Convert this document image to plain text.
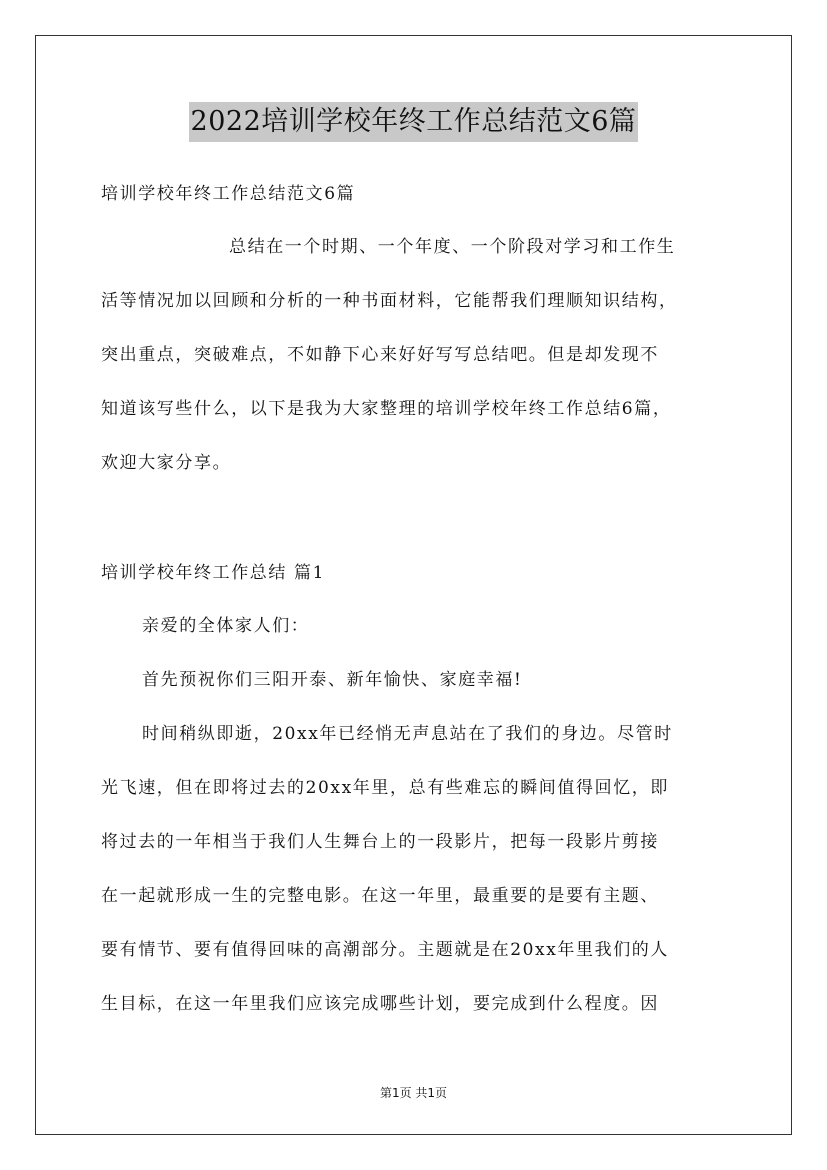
2022培训学校年终工作总结范文6篇
培训学校年终工作总结范文6篇
总结在一个时期、一个年度、一个阶段对学习和工作生
活等情况加以回顾和分析的一种书面材料，它能帮我们理顺知识结构，
突出重点，突破难点，不如静下心来好好写写总结吧。但是却发现不
知道该写些什么，以下是我为大家整理的培训学校年终工作总结6篇，
欢迎大家分享。
培训学校年终工作总结 篇1
亲爱的全体家人们：
首先预祝你们三阳开泰、新年愉快、家庭幸福!
时间稍纵即逝，20xx年已经悄无声息站在了我们的身边。尽管时
光飞速，但在即将过去的20xx年里，总有些难忘的瞬间值得回忆，即
将过去的一年相当于我们人生舞台上的一段影片，把每一段影片剪接
在一起就形成一生的完整电影。在这一年里，最重要的是要有主题、
要有情节、要有值得回味的高潮部分。主题就是在20xx年里我们的人
生目标，在这一年里我们应该完成哪些计划，要完成到什么程度。因
第1页 共1页
